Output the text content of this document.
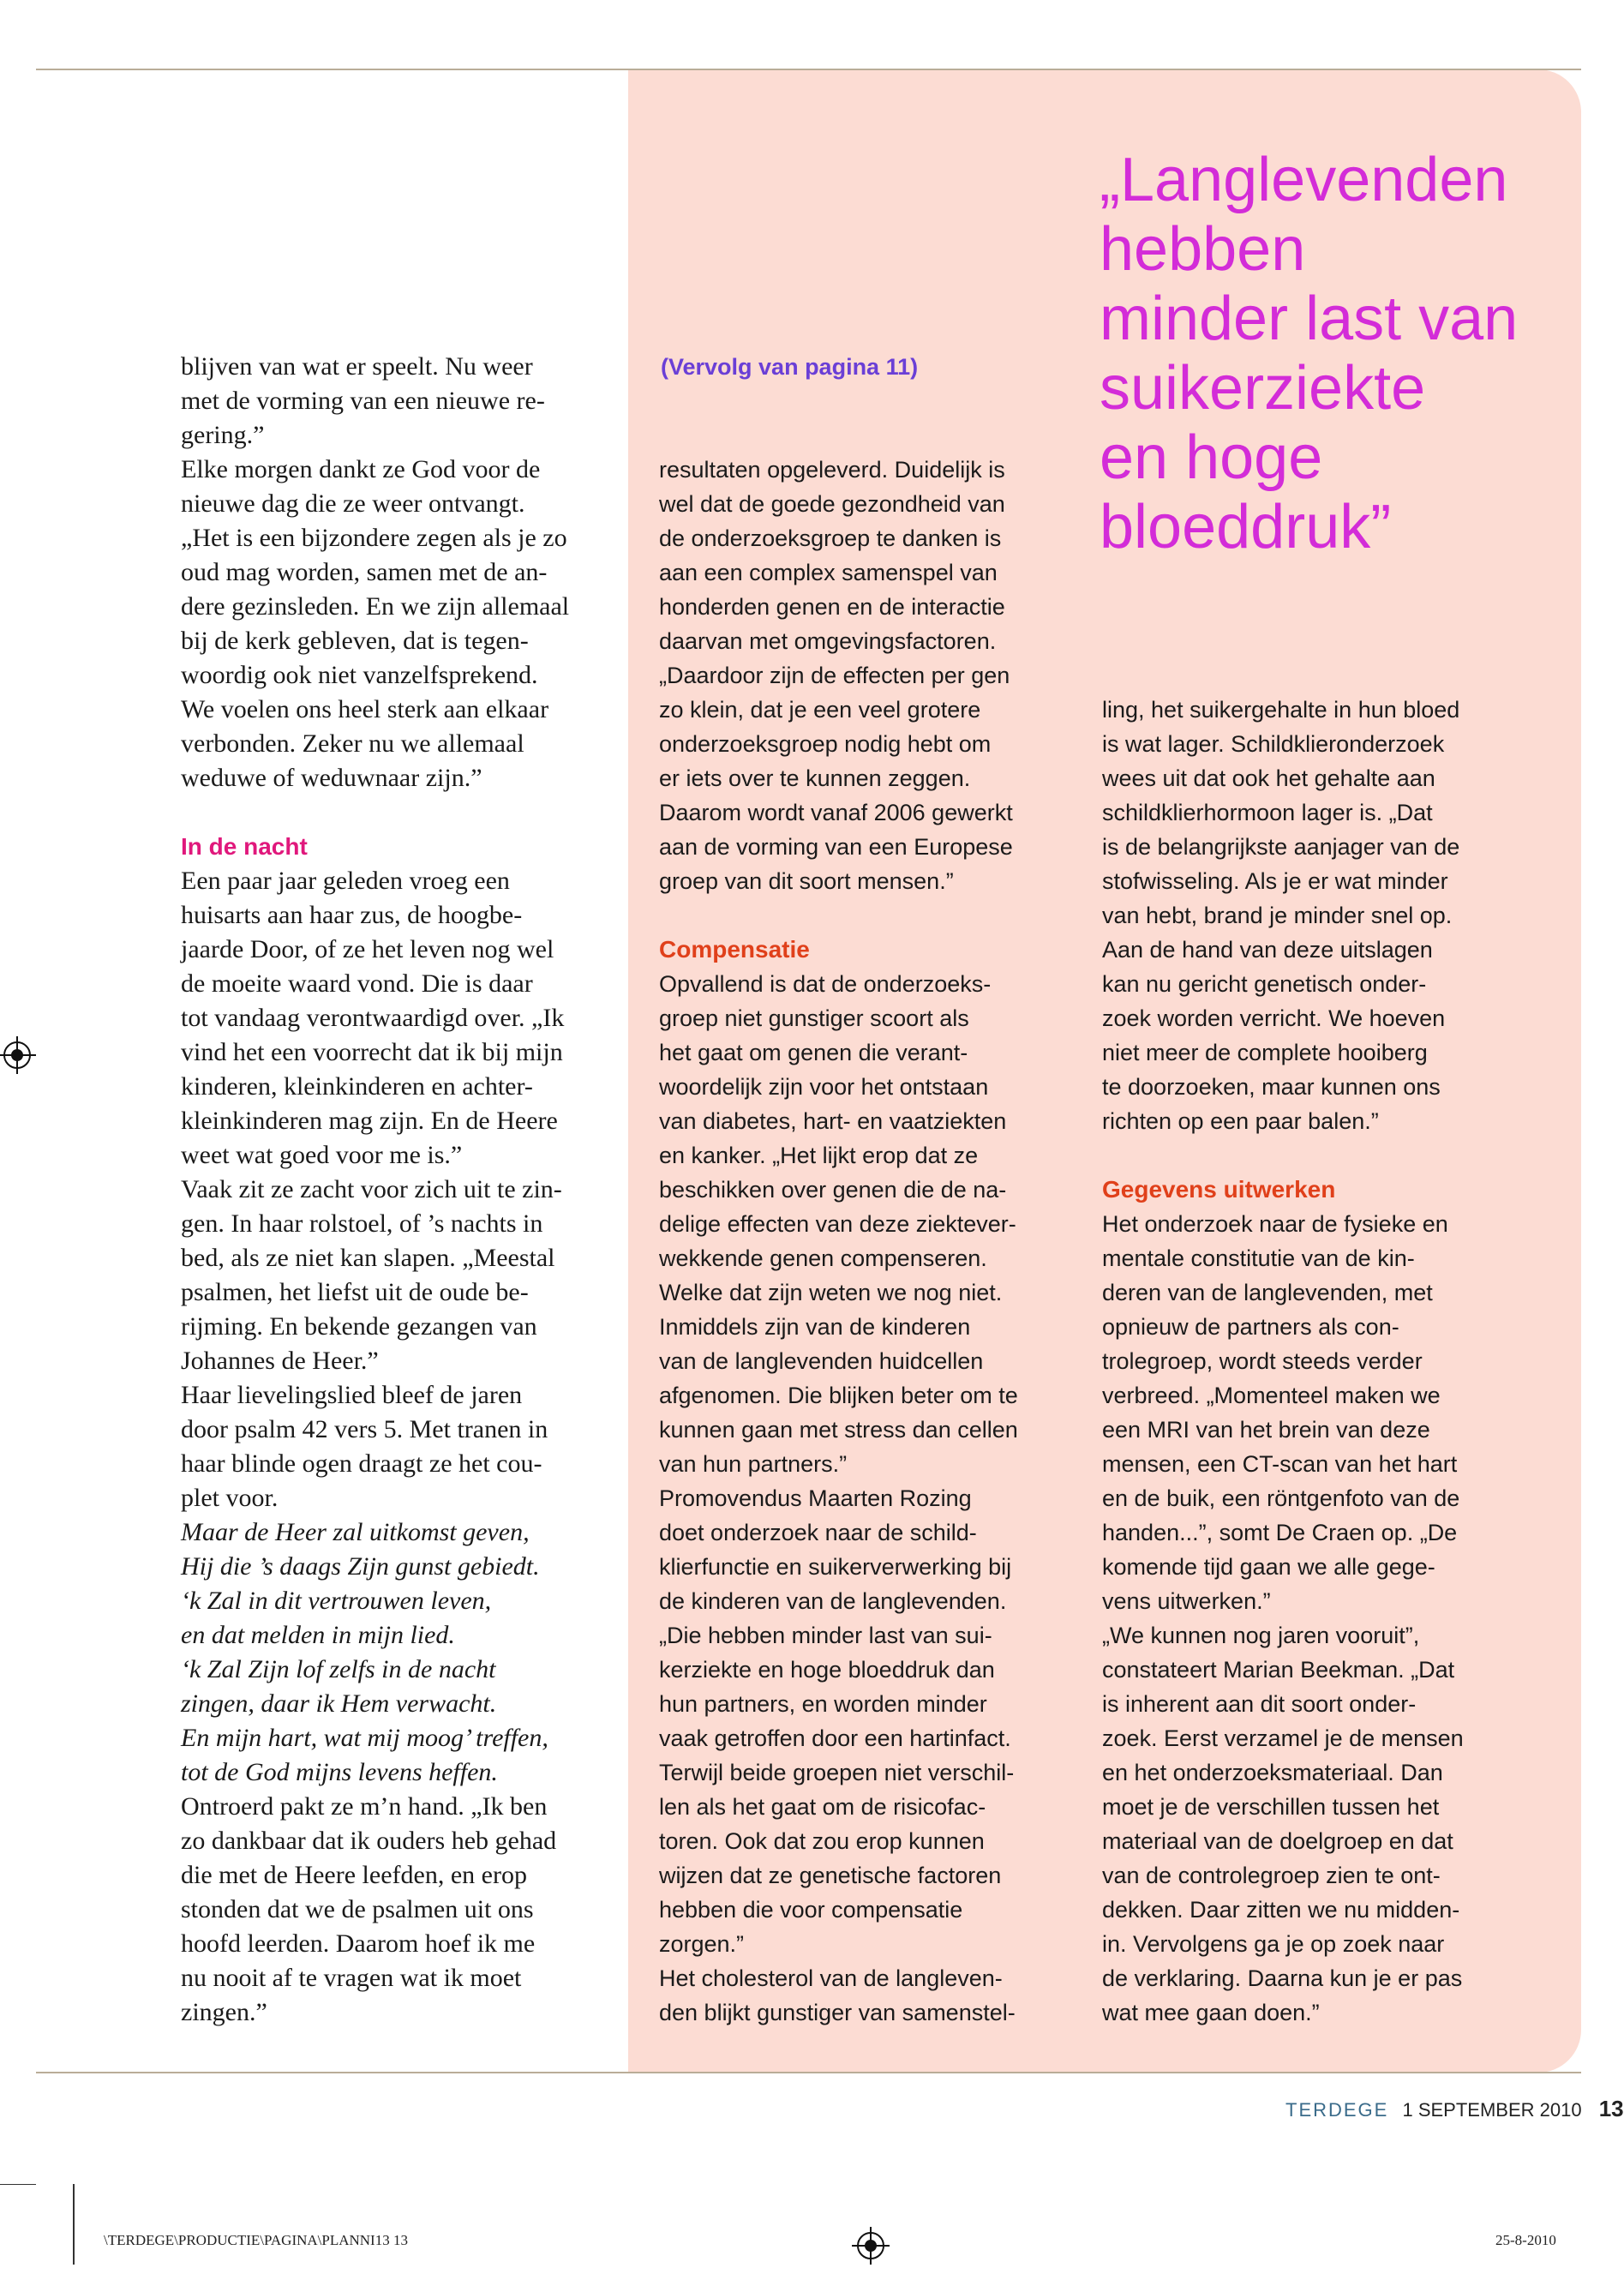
blijven van wat er speelt. Nu weer

met de vorming van een nieuwe re-

gering.”

Elke morgen dankt ze God voor de

nieuwe dag die ze weer ontvangt.

„Het is een bijzondere zegen als je zo

oud mag worden, samen met de an-

dere gezinsleden. En we zijn allemaal

bij de kerk gebleven, dat is tegen-

woordig ook niet vanzelfsprekend.

We voelen ons heel sterk aan elkaar

verbonden. Zeker nu we allemaal

weduwe of weduwnaar zijn.”

In de nacht

Een paar jaar geleden vroeg een

huisarts aan haar zus, de hoogbe-

jaarde Door, of ze het leven nog wel

de moeite waard vond. Die is daar

tot vandaag verontwaardigd over. „Ik

vind het een voorrecht dat ik bij mijn

kinderen, kleinkinderen en achter-

kleinkinderen mag zijn. En de Heere

weet wat goed voor me is.”

Vaak zit ze zacht voor zich uit te zin-

gen. In haar rolstoel, of ’s nachts in

bed, als ze niet kan slapen. „Meestal

psalmen, het liefst uit de oude be-

rijming. En bekende gezangen van

Johannes de Heer.”

Haar lievelingslied bleef de jaren

door psalm 42 vers 5. Met tranen in

haar blinde ogen draagt ze het cou-

plet voor.

Maar de Heer zal uitkomst geven,
Hij die ’s daags Zijn gunst gebiedt.
‘k Zal in dit vertrouwen leven,
en dat melden in mijn lied.
‘k Zal Zijn lof zelfs in de nacht
zingen, daar ik Hem verwacht.
En mijn hart, wat mij moog’ treffen,
tot de God mijns levens heffen.

Ontroerd pakt ze m’n hand. „Ik ben

zo dankbaar dat ik ouders heb gehad

die met de Heere leefden, en erop

stonden dat we de psalmen uit ons

hoofd leerden. Daarom hoef ik me

nu nooit af te vragen wat ik moet

zingen.”

(Vervolg van pagina 11)

resultaten opgeleverd. Duidelijk is

wel dat de goede gezondheid van

de onderzoeksgroep te danken is

aan een complex samenspel van

honderden genen en de interactie

daarvan met omgevingsfactoren.

„Daardoor zijn de effecten per gen

zo klein, dat je een veel grotere

onderzoeksgroep nodig hebt om

er iets over te kunnen zeggen.

Daarom wordt vanaf 2006 gewerkt

aan de vorming van een Europese

groep van dit soort mensen.”

Compensatie

Opvallend is dat de onderzoeks-

groep niet gunstiger scoort als

het gaat om genen die verant-

woordelijk zijn voor het ontstaan

van diabetes, hart- en vaatziekten

en kanker. „Het lijkt erop dat ze

beschikken over genen die de na-

delige effecten van deze ziektever-

wekkende genen compenseren.

Welke dat zijn weten we nog niet.

Inmiddels zijn van de kinderen

van de langlevenden huidcellen

afgenomen. Die blijken beter om te

kunnen gaan met stress dan cellen

van hun partners.”

Promovendus Maarten Rozing

doet onderzoek naar de schild-

klierfunctie en suikerverwerking bij

de kinderen van de langlevenden.

„Die hebben minder last van sui-

kerziekte en hoge bloeddruk dan

hun partners, en worden minder

vaak getroffen door een hartinfact.

Terwijl beide groepen niet verschil-

len als het gaat om de risicofac-

toren. Ook dat zou erop kunnen

wijzen dat ze genetische factoren

hebben die voor compensatie

zorgen.”

Het cholesterol van de langleven-

den blijkt gunstiger van samenstel-

„Langlevenden
hebben
minder last van
suikerziekte
en hoge
bloeddruk”

ling, het suikergehalte in hun bloed

is wat lager. Schildklieronderzoek

wees uit dat ook het gehalte aan

schildklierhormoon lager is. „Dat

is de belangrijkste aanjager van de

stofwisseling. Als je er wat minder

van hebt, brand je minder snel op.

Aan de hand van deze uitslagen

kan nu gericht genetisch onder-

zoek worden verricht. We hoeven

niet meer de complete hooiberg

te doorzoeken, maar kunnen ons

richten op een paar balen.”

Gegevens uitwerken

Het onderzoek naar de fysieke en

mentale constitutie van de kin-

deren van de langlevenden, met

opnieuw de partners als con-

trolegroep, wordt steeds verder

verbreed. „Momenteel maken we

een MRI van het brein van deze

mensen, een CT-scan van het hart

en de buik, een röntgenfoto van de

handen...”, somt De Craen op. „De

komende tijd gaan we alle gege-

vens uitwerken.”

„We kunnen nog jaren vooruit”,

constateert Marian Beekman. „Dat

is inherent aan dit soort onder-

zoek. Eerst verzamel je de mensen

en het onderzoeksmateriaal. Dan

moet je de verschillen tussen het

materiaal van de doelgroep en dat

van de controlegroep zien te ont-

dekken. Daar zitten we nu midden-

in. Vervolgens ga je op zoek naar

de verklaring. Daarna kun je er pas

wat mee gaan doen.”

TERDEGE 1 SEPTEMBER 2010 13
\TERDEGE\PRODUCTIE\PAGINA\PLANNI13 13	25-8-2010
